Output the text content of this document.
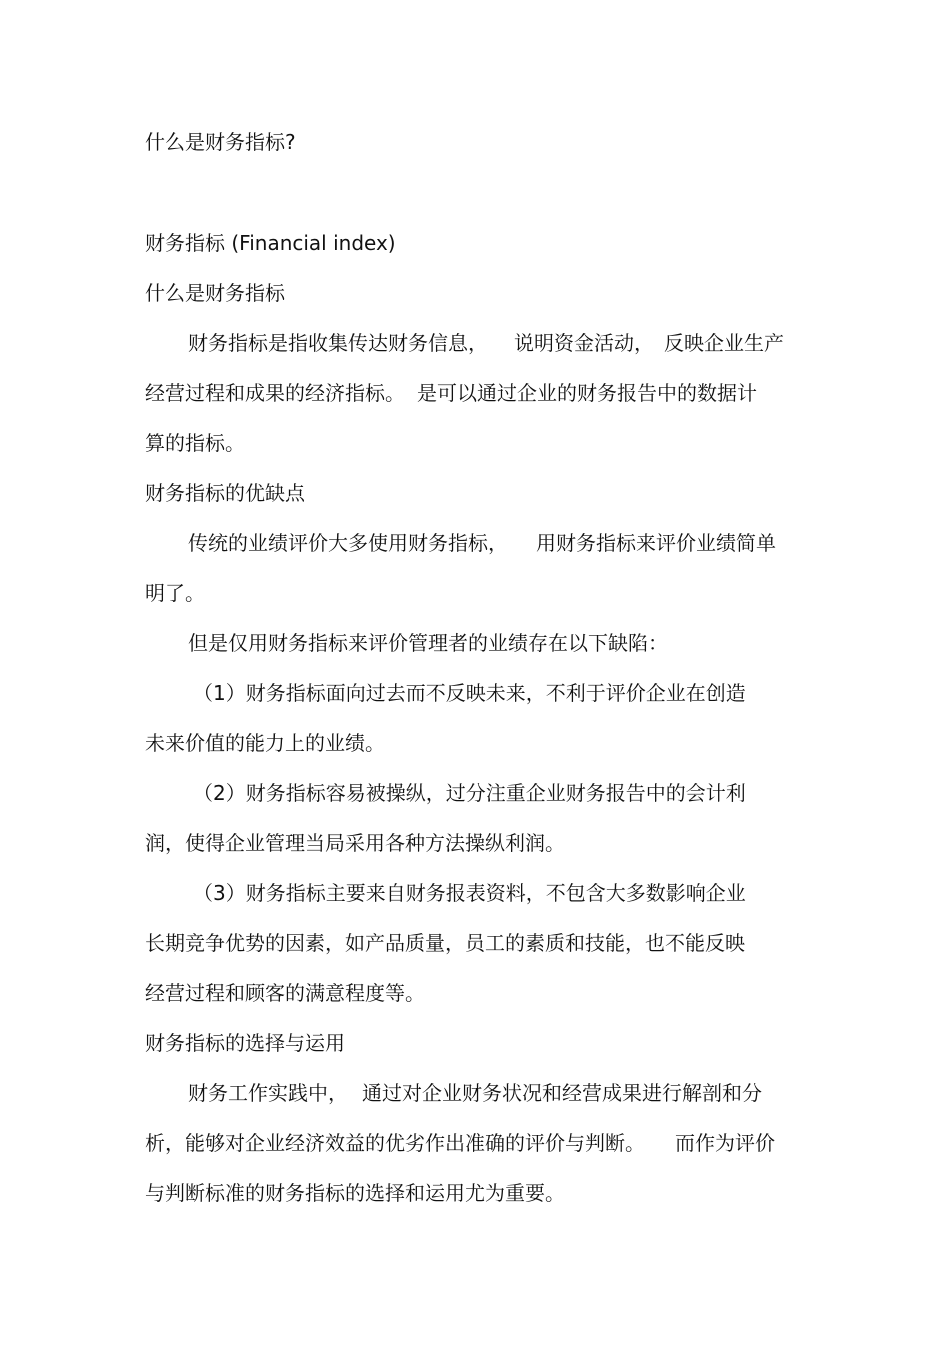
什么是财务指标?
财务指标 (Financial index)
什么是财务指标
财务指标是指收集传达财务信息， 说明资金活动， 反映企业生产
经营过程和成果的经济指标。 是可以通过企业的财务报告中的数据计
算的指标。
财务指标的优缺点
传统的业绩评价大多使用财务指标， 用财务指标来评价业绩简单
明了。
但是仅用财务指标来评价管理者的业绩存在以下缺陷：
（1）财务指标面向过去而不反映未来，不利于评价企业在创造
未来价值的能力上的业绩。
（2）财务指标容易被操纵，过分注重企业财务报告中的会计利
润，使得企业管理当局采用各种方法操纵利润。
（3）财务指标主要来自财务报表资料，不包含大多数影响企业
长期竞争优势的因素，如产品质量，员工的素质和技能，也不能反映
经营过程和顾客的满意程度等。
财务指标的选择与运用
财务工作实践中， 通过对企业财务状况和经营成果进行解剖和分
析，能够对企业经济效益的优劣作出准确的评价与判断。 而作为评价
与判断标准的财务指标的选择和运用尤为重要。
